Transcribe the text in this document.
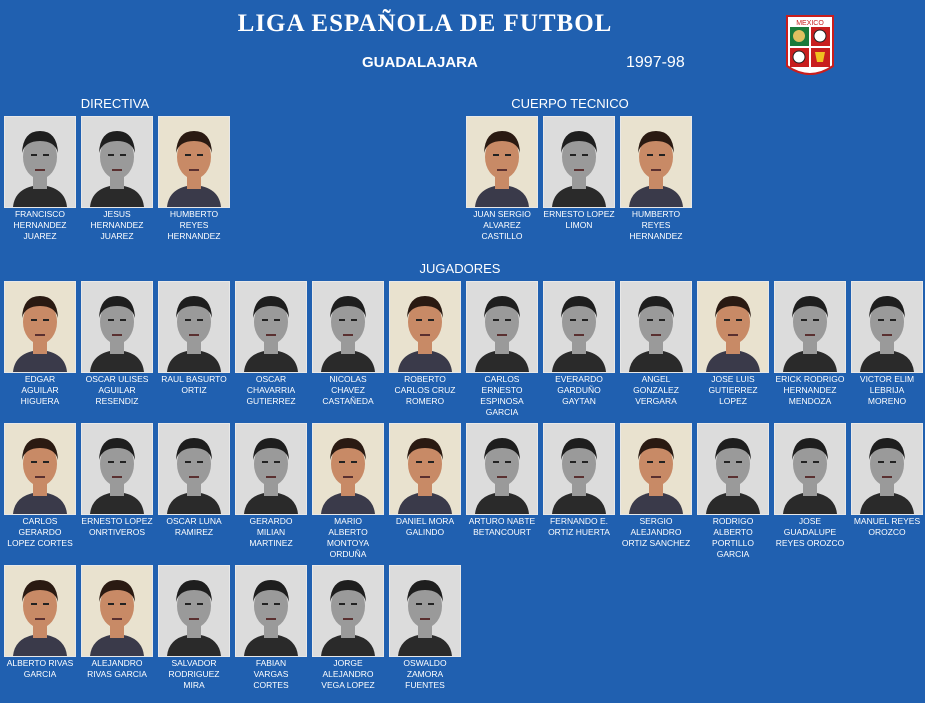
LIGA ESPAÑOLA DE FUTBOL
GUADALAJARA	1997-98
MEXICO
DIRECTIVA	CUERPO TECNICO
JUGADORES
FRANCISCO
HERNANDEZ
JUAREZ
JESUS
HERNANDEZ
JUAREZ
HUMBERTO
REYES
HERNANDEZ
JUAN SERGIO
ALVAREZ
CASTILLO
ERNESTO LOPEZ
LIMON
HUMBERTO
REYES
HERNANDEZ
EDGAR
AGUILAR
HIGUERA
OSCAR ULISES
AGUILAR
RESENDIZ
RAUL BASURTO
ORTIZ
OSCAR
CHAVARRIA
GUTIERREZ
NICOLAS
CHAVEZ
CASTAÑEDA
ROBERTO
CARLOS CRUZ
ROMERO
CARLOS
ERNESTO
ESPINOSA
GARCIA
EVERARDO
GARDUÑO
GAYTAN
ANGEL
GONZALEZ
VERGARA
JOSE LUIS
GUTIERREZ
LOPEZ
ERICK RODRIGO
HERNANDEZ
MENDOZA
VICTOR ELIM
LEBRIJA
MORENO
CARLOS
GERARDO
LOPEZ CORTES
ERNESTO LOPEZ
ONRTIVEROS
OSCAR LUNA
RAMIREZ
GERARDO
MILIAN
MARTINEZ
MARIO
ALBERTO
MONTOYA
ORDUÑA
DANIEL MORA
GALINDO
ARTURO NABTE
BETANCOURT
FERNANDO E.
ORTIZ HUERTA
SERGIO
ALEJANDRO
ORTIZ SANCHEZ
RODRIGO
ALBERTO
PORTILLO
GARCIA
JOSE
GUADALUPE
REYES OROZCO
MANUEL REYES
OROZCO
ALBERTO RIVAS
GARCIA
ALEJANDRO
RIVAS GARCIA
SALVADOR
RODRIGUEZ
MIRA
FABIAN
VARGAS
CORTES
JORGE
ALEJANDRO
VEGA LOPEZ
OSWALDO
ZAMORA
FUENTES
